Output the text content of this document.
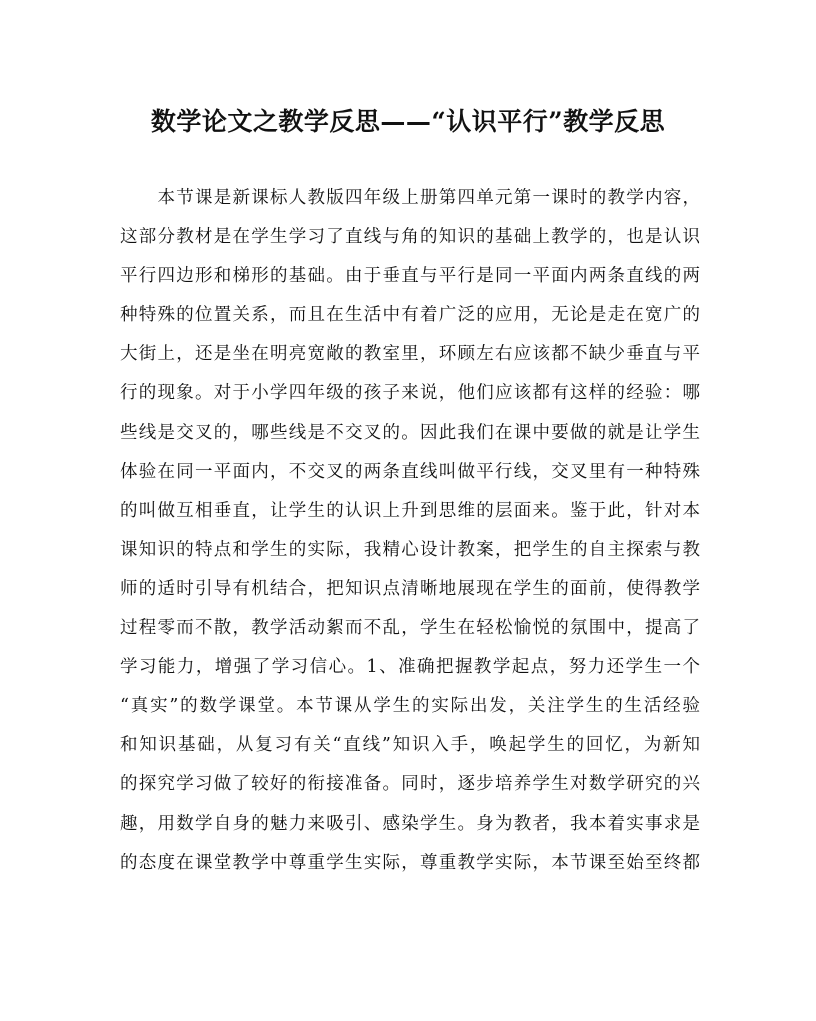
数学论文之教学反思——“认识平行”教学反思
　　本节课是新课标人教版四年级上册第四单元第一课时的教学内容，
这部分教材是在学生学习了直线与角的知识的基础上教学的，也是认识
平行四边形和梯形的基础。由于垂直与平行是同一平面内两条直线的两
种特殊的位置关系，而且在生活中有着广泛的应用，无论是走在宽广的
大街上，还是坐在明亮宽敞的教室里，环顾左右应该都不缺少垂直与平
行的现象。对于小学四年级的孩子来说，他们应该都有这样的经验：哪
些线是交叉的，哪些线是不交叉的。因此我们在课中要做的就是让学生
体验在同一平面内，不交叉的两条直线叫做平行线，交叉里有一种特殊
的叫做互相垂直，让学生的认识上升到思维的层面来。鉴于此，针对本
课知识的特点和学生的实际，我精心设计教案，把学生的自主探索与教
师的适时引导有机结合，把知识点清晰地展现在学生的面前，使得教学
过程零而不散，教学活动絮而不乱，学生在轻松愉悦的氛围中，提高了
学习能力，增强了学习信心。1、准确把握教学起点，努力还学生一个
“真实”的数学课堂。本节课从学生的实际出发，关注学生的生活经验
和知识基础，从复习有关“直线”知识入手，唤起学生的回忆，为新知
的探究学习做了较好的衔接准备。同时，逐步培养学生对数学研究的兴
趣，用数学自身的魅力来吸引、感染学生。身为教者，我本着实事求是
的态度在课堂教学中尊重学生实际，尊重教学实际，本节课至始至终都
